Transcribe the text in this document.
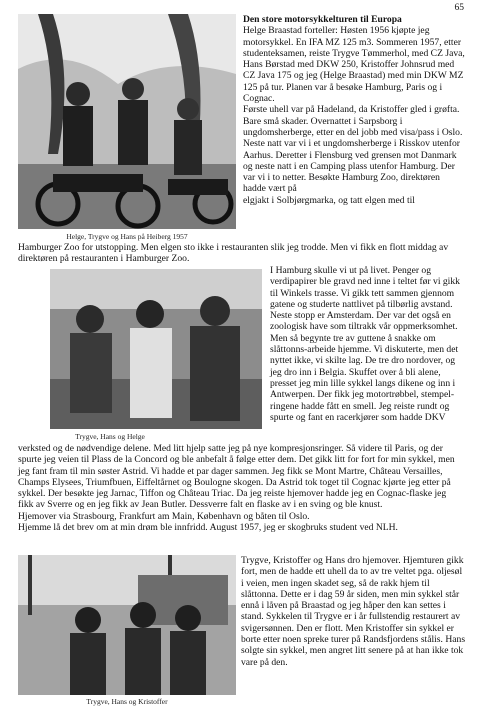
65
Helge, Trygve og Hans på Heiberg 1957

Den store motorsykkelturen til Europa

Helge Braastad forteller: Høsten 1956 kjøpte jeg motorsykkel. En IFA MZ 125 m3. Sommeren 1957, etter studenteksamen, reiste Trygve Tømmerhol, med CZ Java, Hans Børstad med DKW 250, Kristoffer Johnsrud med CZ Java 175 og jeg (Helge Braastad) med min DKW MZ 125 på tur. Planen var å besøke Hamburg, Paris og i Cognac.

Første uhell var på Hadeland, da Kristoffer gled i grøfta. Bare små skader. Overnattet i Sarpsborg i ungdomsherberge, etter en del jobb med visa/pass i Oslo. Neste natt var vi i et ungdomsherberge i Risskov utenfor Aarhus. Deretter i Flensburg ved grensen mot Danmark og neste natt i en Camping plass utenfor Hamburg. Der var vi i to netter. Besøkte Hamburg Zoo, direktøren hadde vært på

elgjakt i Solbjørgmarka, og tatt elgen med til

Hamburger Zoo for utstopping. Men elgen sto ikke i restauranten slik jeg trodde. Men vi fikk en flott middag av direktøren på restauranten i Hamburger Zoo.

Trygve, Hans og Helge

I Hamburg skulle vi ut på livet. Penger og verdipapirer ble gravd ned inne i teltet før vi gikk til Winkels trasse. Vi gikk tett sammen gjennom gatene og studerte nattlivet på tilbørlig avstand. Neste stopp er Amsterdam. Der var det også en zoologisk have som tiltrakk vår oppmerksomhet. Men så begynte tre av guttene å snakke om slåttonns-arbeide hjemme. Vi diskuterte, men det nyttet ikke, vi skilte lag. De tre dro nordover, og jeg dro inn i Belgia. Skuffet over å bli alene, presset jeg min lille sykkel langs dikene og inn i Antwerpen. Der fikk jeg motortrøbbel, stempel-ringene hadde fått en smell. Jeg reiste rundt og

spurte og fant en racerkjører som hadde DKV

verksted og de nødvendige delene. Med litt hjelp satte jeg på nye kompresjonsringer. Så videre til Paris, og der spurte jeg veien til Plass de la Concord og ble anbefalt å følge etter dem. Det gikk litt for fort for min sykkel, men jeg fant fram til min søster Astrid. Vi hadde et par dager sammen. Jeg fikk se Mont Martre, Château Versailles, Champs Elysees, Triumfbuen, Eiffeltårnet og Boulogne skogen. Da Astrid tok toget til Cognac kjørte jeg etter på sykkel. Der besøkte jeg Jarnac, Tiffon og Château Triac. Da jeg reiste hjemover hadde jeg en Cognac-flaske jeg fikk av Sverre og en jeg fikk av Jean Butler. Dessverre falt en flaske av i en sving og ble knust.

Hjemover via Strasbourg, Frankfurt am Main, København og båten til Oslo.

Hjemme lå det brev om at min drøm ble innfridd. August 1957, jeg er skogbruks student ved NLH.

Trygve, Hans og Kristoffer

Trygve, Kristoffer og Hans dro hjemover. Hjemturen gikk fort, men de hadde ett uhell da to av tre veltet pga. oljesøl i veien, men ingen skadet seg, så de rakk hjem til slåttonna. Dette er i dag 59 år siden, men min sykkel står ennå i låven på Braastad og jeg håper den kan settes i stand. Sykkelen til Trygve er i år fullstendig restaurert av svigersønnen. Den er flott. Men Kristoffer sin sykkel er borte etter noen spreke turer på Randsfjordens stålis. Hans solgte sin sykkel, men angret litt senere på at han ikke tok vare på den.
